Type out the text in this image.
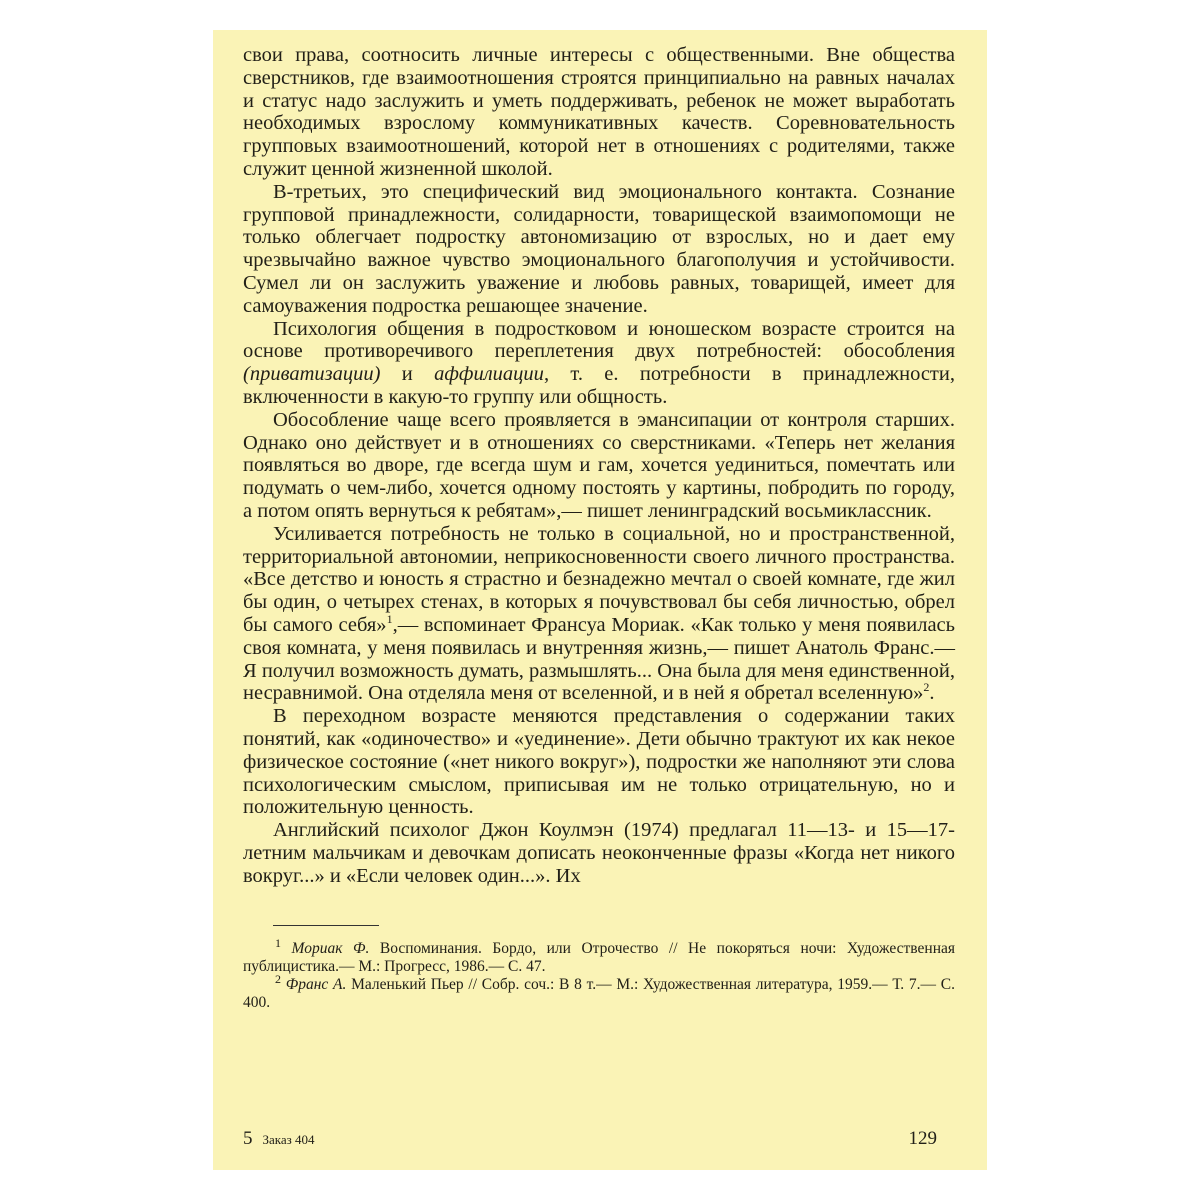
свои права, соотносить личные интересы с общественными. Вне общества сверстников, где взаимоотношения строятся принципиально на равных началах и статус надо заслужить и уметь поддерживать, ребенок не может выработать необходимых взрослому коммуникативных качеств. Соревновательность групповых взаимоотношений, которой нет в отношениях с родителями, также служит ценной жизненной школой.

В-третьих, это специфический вид эмоционального контакта. Сознание групповой принадлежности, солидарности, товарищеской взаимопомощи не только облегчает подростку автономизацию от взрослых, но и дает ему чрезвычайно важное чувство эмоционального благополучия и устойчивости. Сумел ли он заслужить уважение и любовь равных, товарищей, имеет для самоуважения подростка решающее значение.

Психология общения в подростковом и юношеском возрасте строится на основе противоречивого переплетения двух потребностей: обособления (приватизации) и аффилиации, т. е. потребности в принадлежности, включенности в какую-то группу или общность.

Обособление чаще всего проявляется в эмансипации от контроля старших. Однако оно действует и в отношениях со сверстниками. «Теперь нет желания появляться во дворе, где всегда шум и гам, хочется уединиться, помечтать или подумать о чем-либо, хочется одному постоять у картины, побродить по городу, а потом опять вернуться к ребятам»,— пишет ленинградский восьмиклассник.

Усиливается потребность не только в социальной, но и пространственной, территориальной автономии, неприкосновенности своего личного пространства. «Все детство и юность я страстно и безнадежно мечтал о своей комнате, где жил бы один, о четырех стенах, в которых я почувствовал бы себя личностью, обрел бы самого себя»$^1$,— вспоминает Франсуа Мориак. «Как только у меня появилась своя комната, у меня появилась и внутренняя жизнь,— пишет Анатоль Франс.— Я получил возможность думать, размышлять... Она была для меня единственной, несравнимой. Она отделяла меня от вселенной, и в ней я обретал вселенную»$^2$.

В переходном возрасте меняются представления о содержании таких понятий, как «одиночество» и «уединение». Дети обычно трактуют их как некое физическое состояние («нет никого вокруг»), подростки же наполняют эти слова психологическим смыслом, приписывая им не только отрицательную, но и положительную ценность.

Английский психолог Джон Коулмэн (1974) предлагал 11—13- и 15—17-летним мальчикам и девочкам дописать неоконченные фразы «Когда нет никого вокруг...» и «Если человек один...». Их

$^1$ Мориак Ф. Воспоминания. Бордо, или Отрочество // Не покоряться ночи: Художественная публицистика.— М.: Прогресс, 1986.— С. 47.

$^2$ Франс А. Маленький Пьер // Собр. соч.: В 8 т.— М.: Художественная литература, 1959.— Т. 7.— С. 400.

5 Заказ 404	129
